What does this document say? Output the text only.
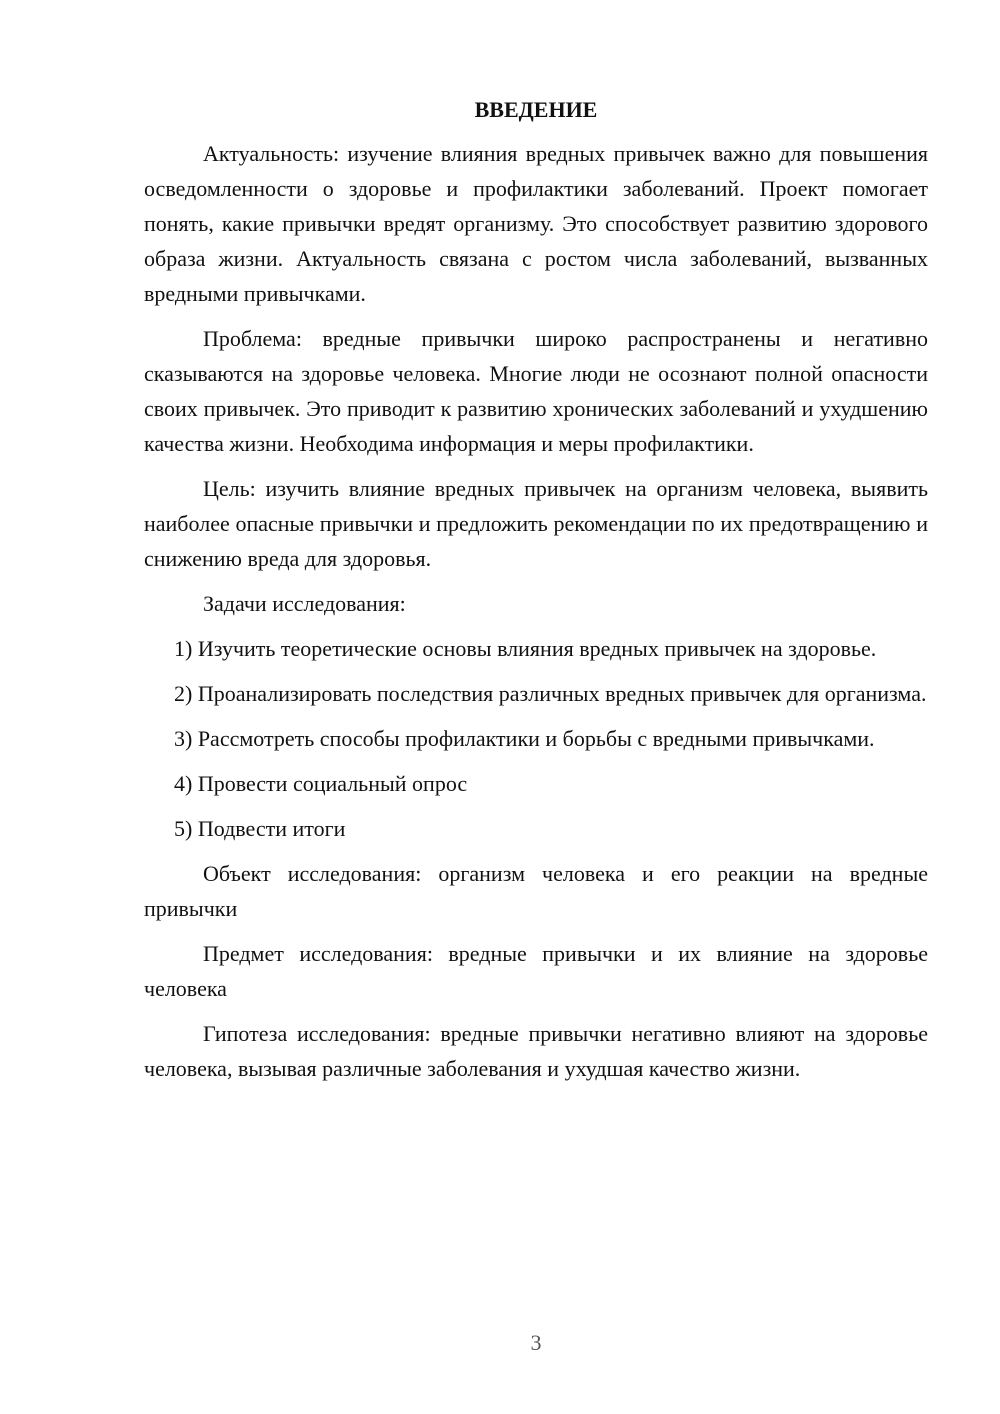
ВВЕДЕНИЕ

Актуальность: изучение влияния вредных привычек важно для повышения осведомленности о здоровье и профилактики заболеваний. Проект помогает понять, какие привычки вредят организму. Это способствует развитию здорового образа жизни. Актуальность связана с ростом числа заболеваний, вызванных вредными привычками.

Проблема: вредные привычки широко распространены и негативно сказываются на здоровье человека. Многие люди не осознают полной опасности своих привычек. Это приводит к развитию хронических заболеваний и ухудшению качества жизни. Необходима информация и меры профилактики.

Цель: изучить влияние вредных привычек на организм человека, выявить наиболее опасные привычки и предложить рекомендации по их предотвращению и снижению вреда для здоровья.

Задачи исследования:

1) Изучить теоретические основы влияния вредных привычек на здоровье.

2) Проанализировать последствия различных вредных привычек для организма.

3) Рассмотреть способы профилактики и борьбы с вредными привычками.

4) Провести социальный опрос

5) Подвести итоги

Объект исследования: организм человека и его реакции на вредные привычки

Предмет исследования: вредные привычки и их влияние на здоровье человека

Гипотеза исследования: вредные привычки негативно влияют на здоровье человека, вызывая различные заболевания и ухудшая качество жизни.

3
